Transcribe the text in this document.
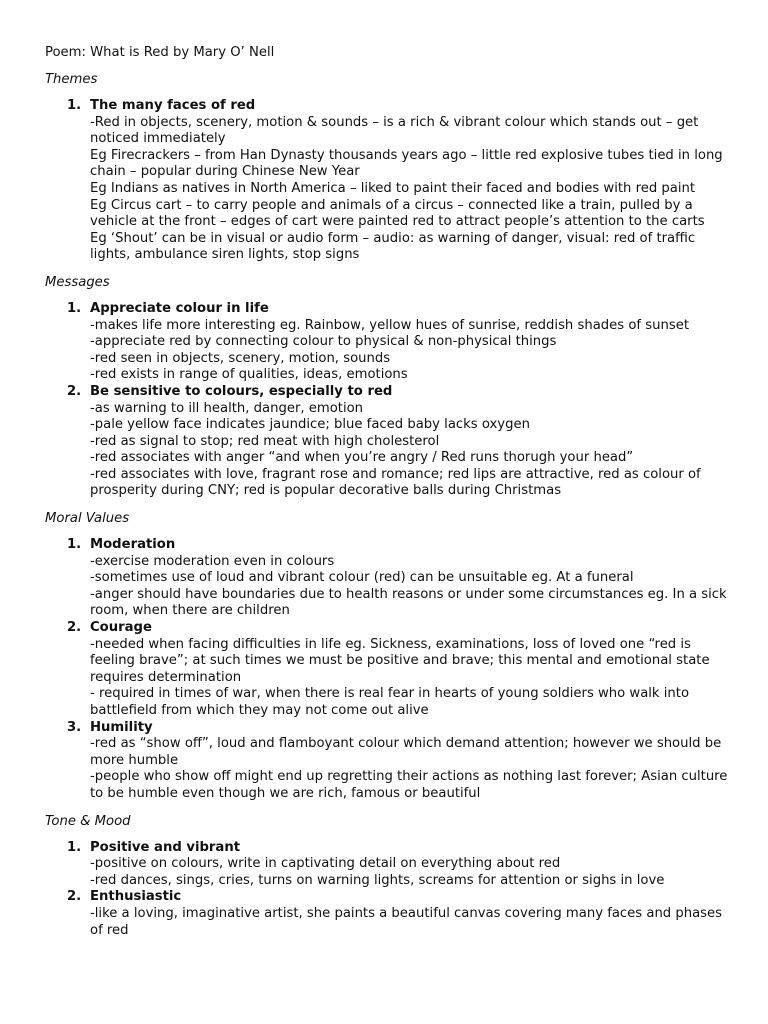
Poem: What is Red by Mary O’ Nell
Themes
1. The many faces of red
-Red in objects, scenery, motion & sounds – is a rich & vibrant colour which stands out – get noticed immediately
Eg Firecrackers – from Han Dynasty thousands years ago – little red explosive tubes tied in long chain – popular during Chinese New Year
Eg Indians as natives in North America – liked to paint their faced and bodies with red paint
Eg Circus cart – to carry people and animals of a circus – connected like a train, pulled by a vehicle at the front – edges of cart were painted red to attract people’s attention to the carts
Eg ‘Shout’ can be in visual or audio form – audio: as warning of danger, visual: red of traffic lights, ambulance siren lights, stop signs
Messages
1. Appreciate colour in life
-makes life more interesting eg. Rainbow, yellow hues of sunrise, reddish shades of sunset
-appreciate red by connecting colour to physical & non-physical things
-red seen in objects, scenery, motion, sounds
-red exists in range of qualities, ideas, emotions
2. Be sensitive to colours, especially to red
-as warning to ill health, danger, emotion
-pale yellow face indicates jaundice; blue faced baby lacks oxygen
-red as signal to stop; red meat with high cholesterol
-red associates with anger “and when you’re angry / Red runs thorugh your head”
-red associates with love, fragrant rose and romance; red lips are attractive, red as colour of prosperity during CNY; red is popular decorative balls during Christmas
Moral Values
1. Moderation
-exercise moderation even in colours
-sometimes use of loud and vibrant colour (red) can be unsuitable eg. At a funeral
-anger should have boundaries due to health reasons or under some circumstances eg. In a sick room, when there are children
2. Courage
-needed when facing difficulties in life eg. Sickness, examinations, loss of loved one “red is feeling brave”; at such times we must be positive and brave; this mental and emotional state requires determination
- required in times of war, when there is real fear in hearts of young soldiers who walk into battlefield from which they may not come out alive
3. Humility
-red as “show off”, loud and flamboyant colour which demand attention; however we should be more humble
-people who show off might end up regretting their actions as nothing last forever; Asian culture to be humble even though we are rich, famous or beautiful
Tone & Mood
1. Positive and vibrant
-positive on colours, write in captivating detail on everything about red
-red dances, sings, cries, turns on warning lights, screams for attention or sighs in love
2. Enthusiastic
-like a loving, imaginative artist, she paints a beautiful canvas covering many faces and phases of red
